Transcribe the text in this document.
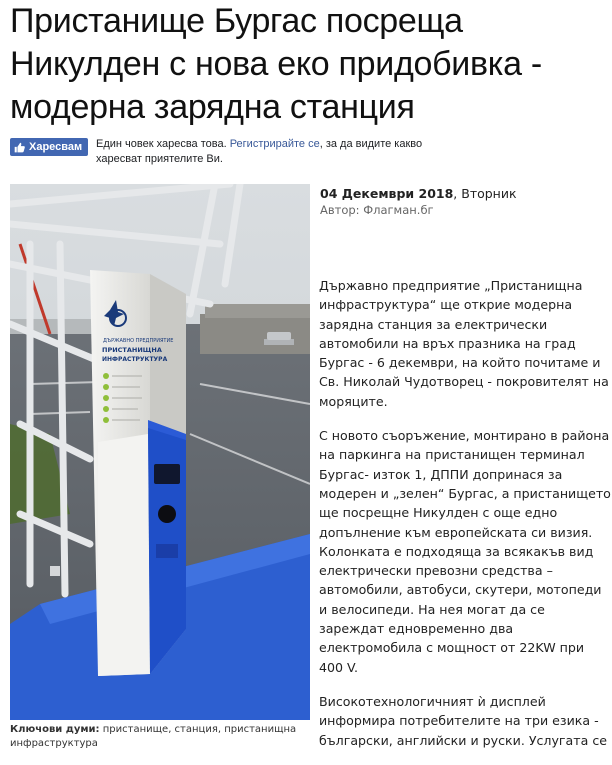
Пристанище Бургас посреща Никулден с нова еко придобивка - модерна зарядна станция
Харесвам Един човек харесва това. Регистрирайте се, за да видите какво харесват приятелите Ви.
ДЪРЖАВНО ПРЕДПРИЯТИЕ
ПРИСТАНИЩНА
ИНФРАСТРУКТУРА
Ключови думи: пристанище, станция, пристанищна инфраструктура
04 Декември 2018, Вторник
Автор: Флагман.бг

Държавно предприятие „Пристанищна инфраструктура“ ще открие модерна зарядна станция за електрически автомобили на връх празника на град Бургас - 6 декември, на който почитаме и Св. Николай Чудотворец - покровителят на моряците.

С новото съоръжение, монтирано в района на паркинга на пристанищен терминал Бургас- изток 1, ДППИ допринася за модерен и „зелен“ Бургас, а пристанището ще посрещне Никулден с още едно допълнение към европейската си визия. Колонката е подходяща за всякакъв вид електрически превозни средства – автомобили, автобуси, скутери, мотопеди и велосипеди. На нея могат да се зареждат едновременно два електромобила с мощност от 22KW при 400 V.

Високотехнологичният ѝ дисплей информира потребителите на три езика - български, английски и руски. Услугата се
